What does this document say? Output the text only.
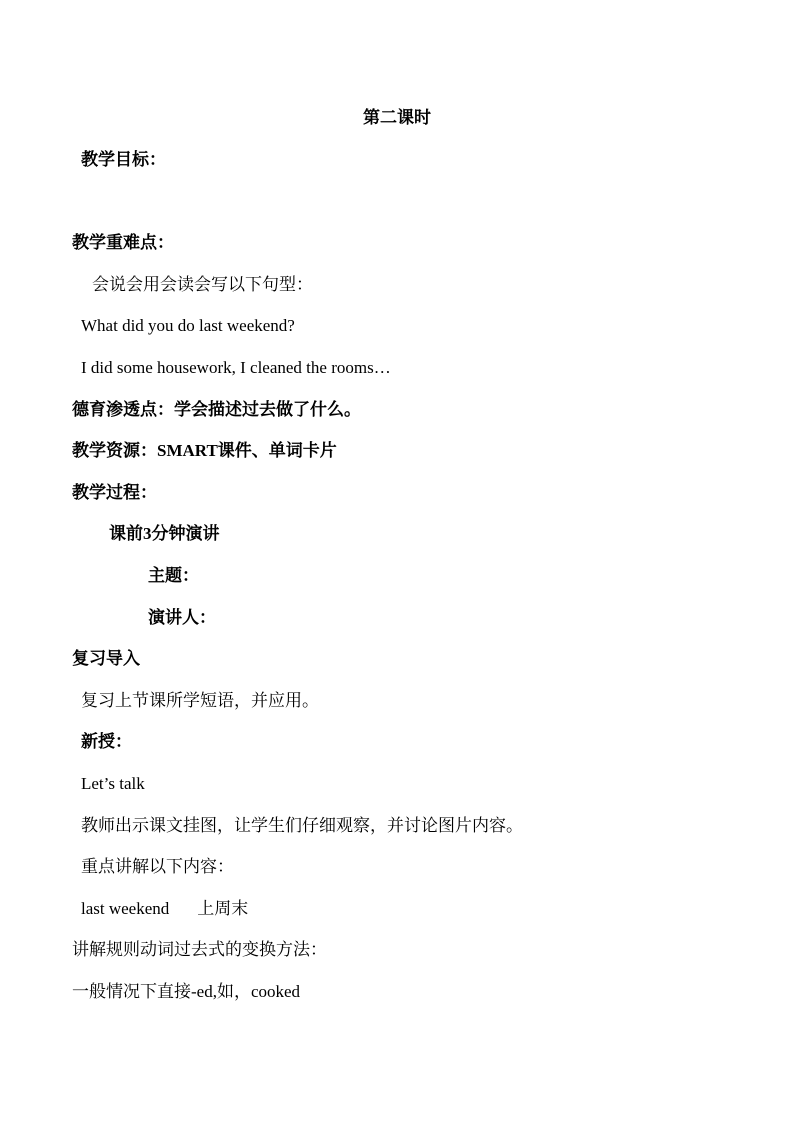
第二课时
教学目标：
教学重难点：
会说会用会读会写以下句型：
What did you do last weekend?
I did some housework, I cleaned the rooms…
德育渗透点：学会描述过去做了什么。
教学资源：SMART课件、单词卡片
教学过程：
课前3分钟演讲
主题：
演讲人：
复习导入
复习上节课所学短语，并应用。
新授：
Let’s talk
教师出示课文挂图，让学生们仔细观察，并讨论图片内容。
重点讲解以下内容：
last weekend 上周末
讲解规则动词过去式的变换方法：
一般情况下直接-ed,如，cooked
